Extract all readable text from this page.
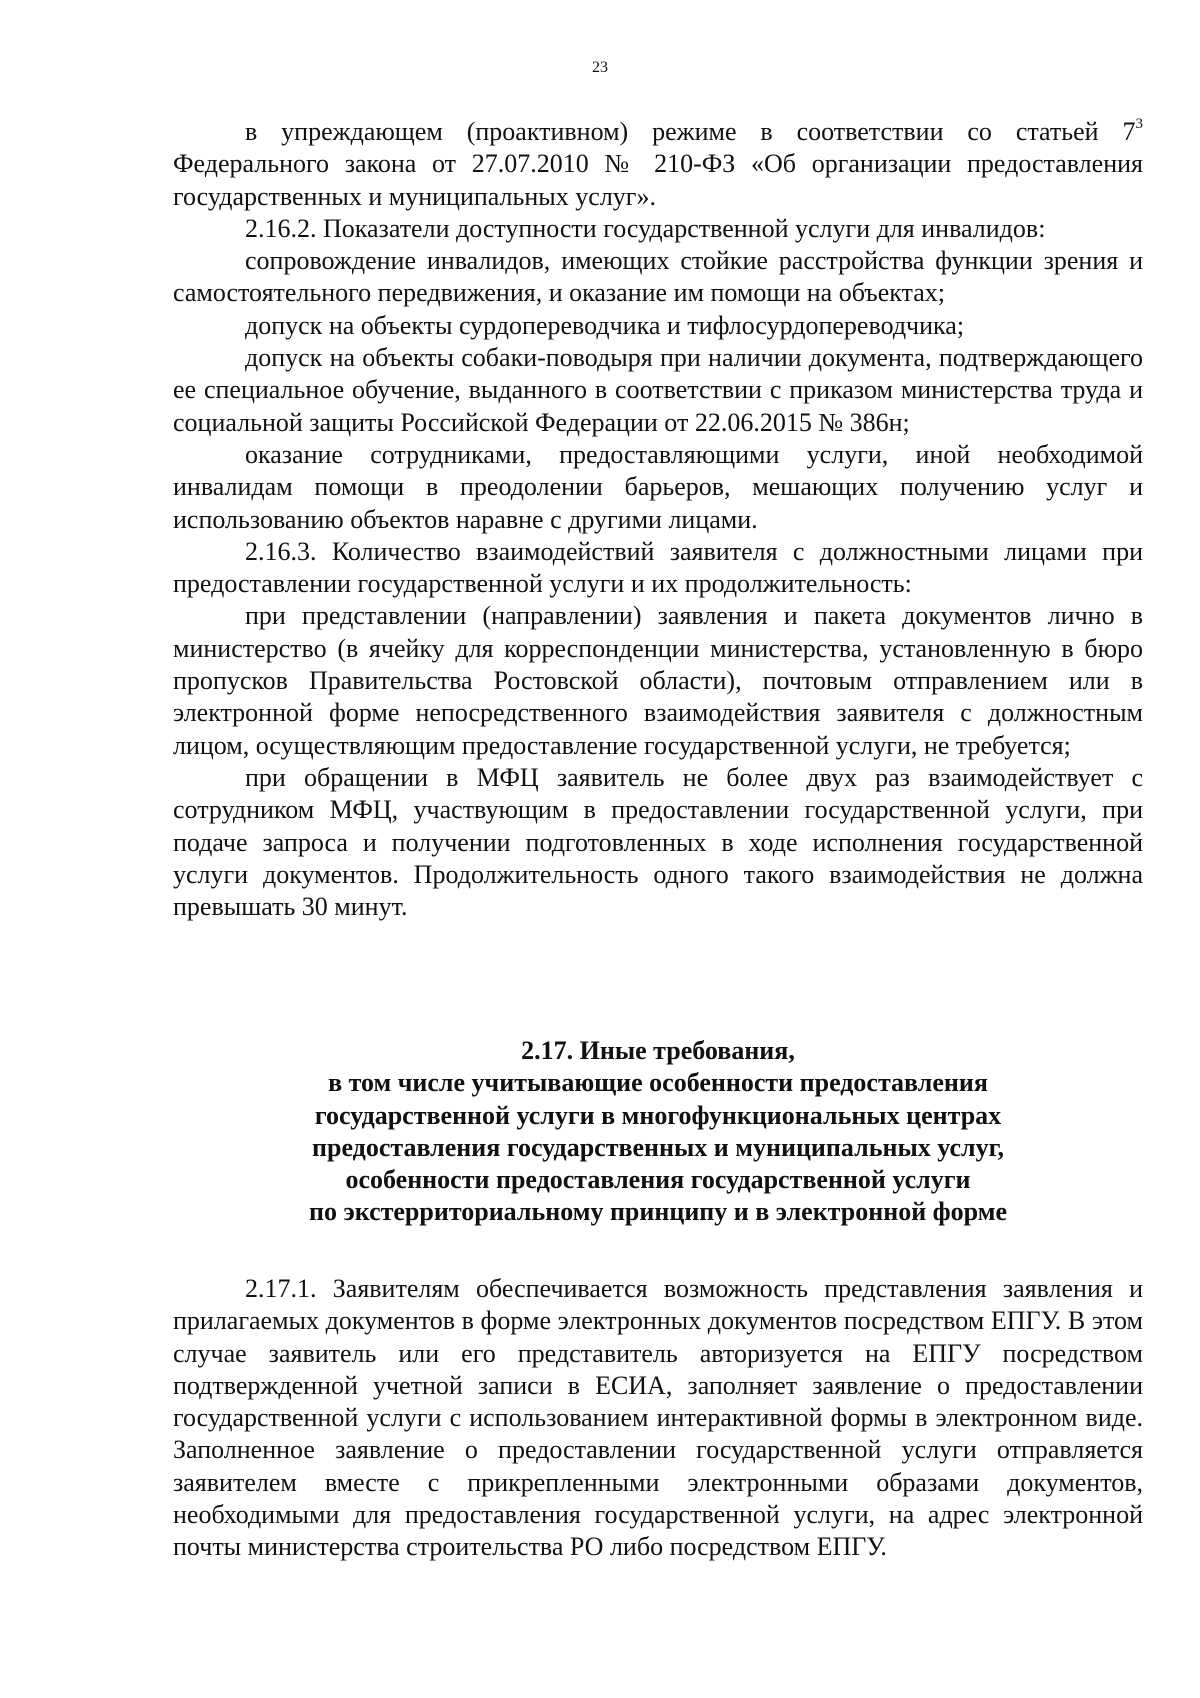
23

в упреждающем (проактивном) режиме в соответствии со статьей $7^3$ Федерального закона от 27.07.2010 № 210-ФЗ «Об организации предоставления государственных и муниципальных услуг».

2.16.2. Показатели доступности государственной услуги для инвалидов:

сопровождение инвалидов, имеющих стойкие расстройства функции зрения и самостоятельного передвижения, и оказание им помощи на объектах;

допуск на объекты сурдопереводчика и тифлосурдопереводчика;

допуск на объекты собаки-поводыря при наличии документа, подтверждающего ее специальное обучение, выданного в соответствии с приказом министерства труда и социальной защиты Российской Федерации от 22.06.2015 № 386н;

оказание сотрудниками, предоставляющими услуги, иной необходимой инвалидам помощи в преодолении барьеров, мешающих получению услуг и использованию объектов наравне с другими лицами.

2.16.3. Количество взаимодействий заявителя с должностными лицами при предоставлении государственной услуги и их продолжительность:

при представлении (направлении) заявления и пакета документов лично в министерство (в ячейку для корреспонденции министерства, установленную в бюро пропусков Правительства Ростовской области), почтовым отправлением или в электронной форме непосредственного взаимодействия заявителя с должностным лицом, осуществляющим предоставление государственной услуги, не требуется;

при обращении в МФЦ заявитель не более двух раз взаимодействует с сотрудником МФЦ, участвующим в предоставлении государственной услуги, при подаче запроса и получении подготовленных в ходе исполнения государственной услуги документов. Продолжительность одного такого взаимодействия не должна превышать 30 минут.

2.17. Иные требования,
в том числе учитывающие особенности предоставления
государственной услуги в многофункциональных центрах
предоставления государственных и муниципальных услуг,
особенности предоставления государственной услуги
по экстерриториальному принципу и в электронной форме

2.17.1. Заявителям обеспечивается возможность представления заявления и прилагаемых документов в форме электронных документов посредством ЕПГУ. В этом случае заявитель или его представитель авторизуется на ЕПГУ посредством подтвержденной учетной записи в ЕСИА, заполняет заявление о предоставлении государственной услуги с использованием интерактивной формы в электронном виде. Заполненное заявление о предоставлении государственной услуги отправляется заявителем вместе с прикрепленными электронными образами документов, необходимыми для предоставления государственной услуги, на адрес электронной почты министерства строительства РО либо посредством ЕПГУ.
